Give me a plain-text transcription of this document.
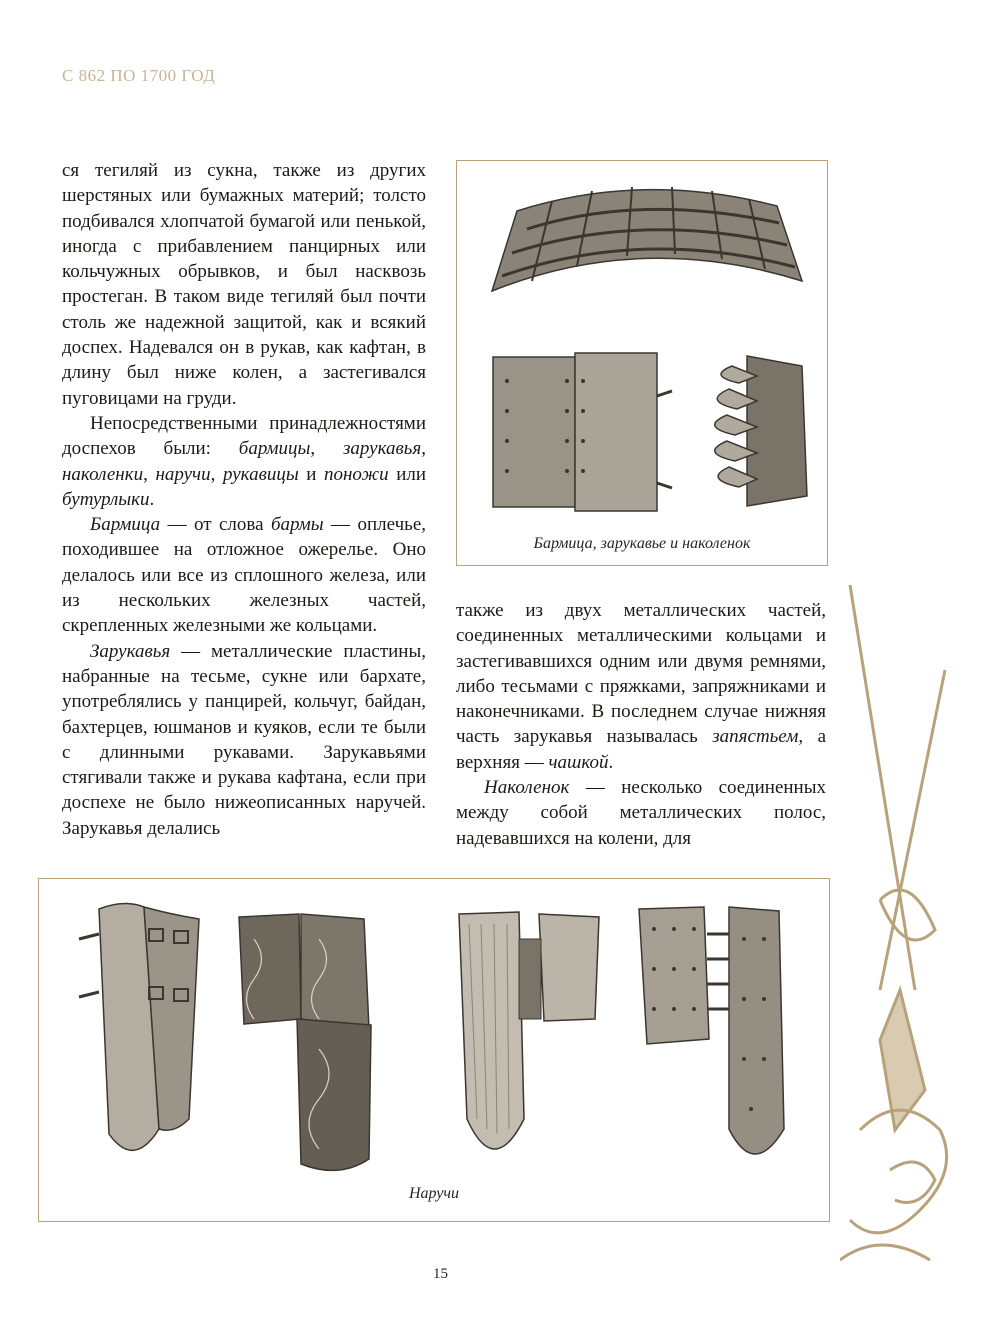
С 862 ПО 1700 ГОД

ся тегиляй из сукна, также из других шерстяных или бумажных материй; толсто подбивался хлопчатой бумагой или пенькой, иногда с прибавлением панцирных или кольчужных обрывков, и был насквозь простеган. В таком виде тегиляй был почти столь же надежной защитой, как и всякий доспех. Надевался он в рукав, как кафтан, в длину был ниже колен, а застегивался пуговицами на груди.

Непосредственными принадлежностями доспехов были: бармицы, зарукавья, наколенки, наручи, рукавицы и поножи или бутурлыки.

Бармица — от слова бармы — оплечье, походившее на отложное ожерелье. Оно делалось или все из сплошного железа, или из нескольких железных частей, скрепленных железными же кольцами.

Зарукавья — металлические пластины, набранные на тесьме, сукне или бархате, употреблялись у панцирей, кольчуг, байдан, бахтерцев, юшманов и куяков, если те были с длинными рукавами. Зарукавьями стягивали также и рукава кафтана, если при доспехе не было нижеописанных наручей. Зарукавья делались

Бармица, зарукавье и наколенок

также из двух металлических частей, соединенных металлическими кольцами и застегивавшихся одним или двумя ремнями, либо тесьмами с пряжками, запряжниками и наконечниками. В последнем случае нижняя часть зарукавья называлась запястьем, а верхняя — чашкой.

Наколенок — несколько соединенных между собой металлических полос, надевавшихся на колени, для

Наручи
15
